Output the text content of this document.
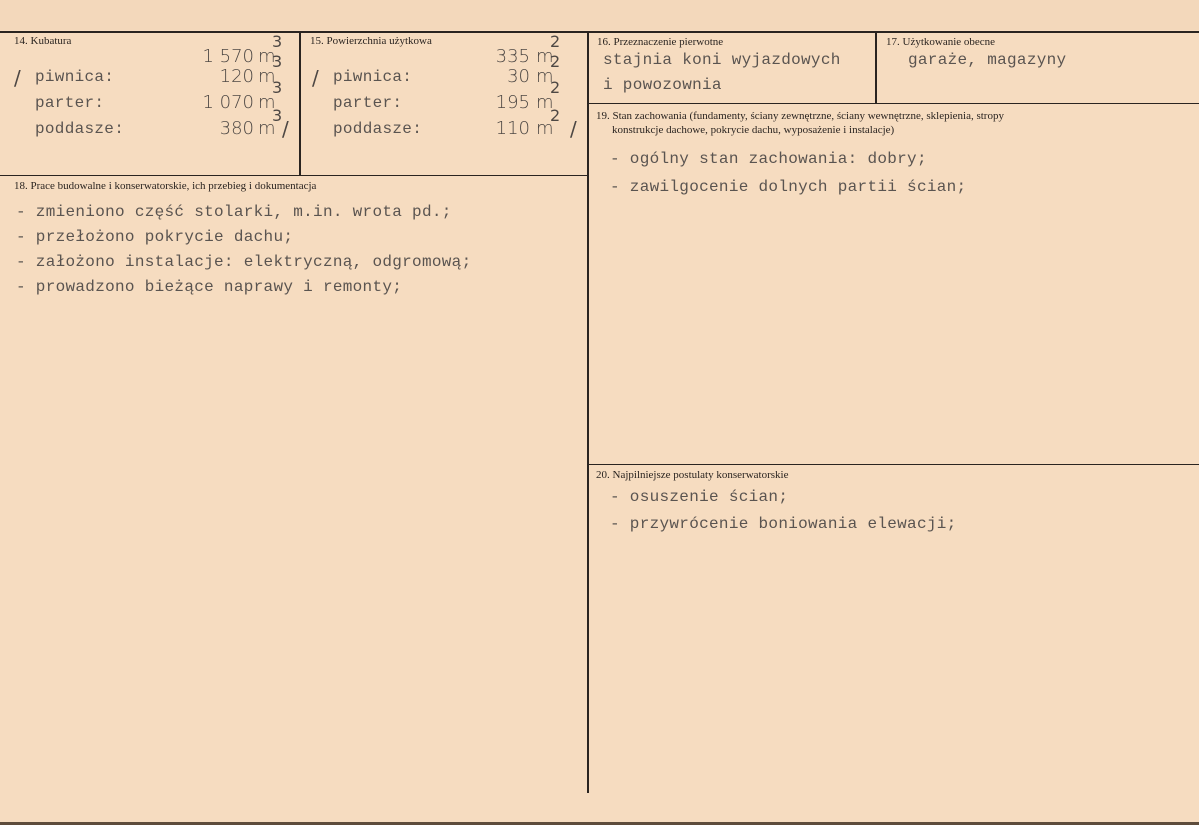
14. Kubatura
1 570 m
3
/ piwnica:	120 m
3
parter:	1 070 m
3
poddasze:	380 m
3
/
15. Powierzchnia użytkowa
335 m
2
/ piwnica:	30 m
2
parter:	195 m
2
poddasze:	110 m
2
/
16. Przeznaczenie pierwotne
stajnia koni wyjazdowych
i powozownia
17. Użytkowanie obecne
garaże, magazyny
18. Prace budowalne i konserwatorskie, ich przebieg i dokumentacja
- zmieniono część stolarki, m.in. wrota pd.;
- przełożono pokrycie dachu;
- założono instalacje: elektryczną, odgromową;
- prowadzono bieżące naprawy i remonty;
19. Stan zachowania (fundamenty, ściany zewnętrzne, ściany wewnętrzne, sklepienia, stropy
konstrukcje dachowe, pokrycie dachu, wyposażenie i instalacje)
- ogólny stan zachowania: dobry;
- zawilgocenie dolnych partii ścian;
20. Najpilniejsze postulaty konserwatorskie
- osuszenie ścian;
- przywrócenie boniowania elewacji;
